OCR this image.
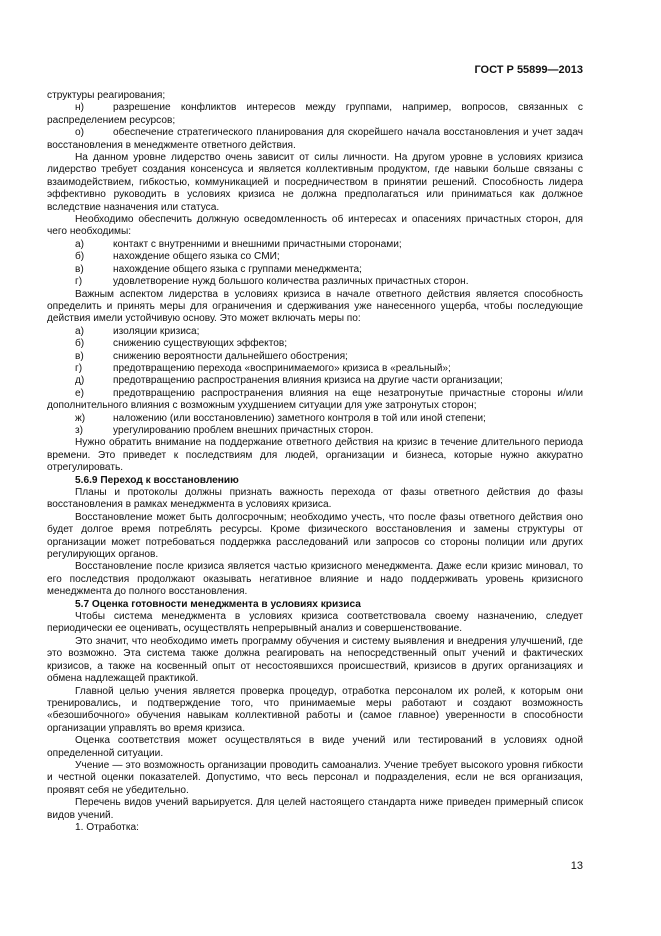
ГОСТ Р 55899—2013

структуры реагирования;

н)	разрешение конфликтов интересов между группами, например, вопросов, связанных с распределением ресурсов;

о)	обеспечение стратегического планирования для скорейшего начала восстановления и учет задач восстановления в менеджменте ответного действия.

На данном уровне лидерство очень зависит от силы личности. На другом уровне в условиях кризиса лидерство требует создания консенсуса и является коллективным продуктом, где навыки больше связаны с взаимодействием, гибкостью, коммуникацией и посредничеством в принятии решений. Способность лидера эффективно руководить в условиях кризиса не должна предполагаться или приниматься как должное вследствие назначения или статуса.

Необходимо обеспечить должную осведомленность об интересах и опасениях причастных сторон, для чего необходимы:

а)	контакт с внутренними и внешними причастными сторонами;

б)	нахождение общего языка со СМИ;

в)	нахождение общего языка с группами менеджмента;

г)	удовлетворение нужд большого количества различных причастных сторон.

Важным аспектом лидерства в условиях кризиса в начале ответного действия является способность определить и принять меры для ограничения и сдерживания уже нанесенного ущерба, чтобы последующие действия имели устойчивую основу. Это может включать меры по:

а)	изоляции кризиса;

б)	снижению существующих эффектов;

в)	снижению вероятности дальнейшего обострения;

г)	предотвращению перехода «воспринимаемого» кризиса в «реальный»;

д)	предотвращению распространения влияния кризиса на другие части организации;

е)	предотвращению распространения влияния на еще незатронутые причастные стороны и/или дополнительного влияния с возможным ухудшением ситуации для уже затронутых сторон;

ж)	наложению (или восстановлению) заметного контроля в той или иной степени;

з)	урегулированию проблем внешних причастных сторон.

Нужно обратить внимание на поддержание ответного действия на кризис в течение длительного периода времени. Это приведет к последствиям для людей, организации и бизнеса, которые нужно аккуратно отрегулировать.

5.6.9 Переход к восстановлению

Планы и протоколы должны признать важность перехода от фазы ответного действия до фазы восстановления в рамках менеджмента в условиях кризиса.

Восстановление может быть долгосрочным; необходимо учесть, что после фазы ответного действия оно будет долгое время потреблять ресурсы. Кроме физического восстановления и замены структуры от организации может потребоваться поддержка расследований или запросов со стороны полиции или других регулирующих органов.

Восстановление после кризиса является частью кризисного менеджмента. Даже если кризис миновал, то его последствия продолжают оказывать негативное влияние и надо поддерживать уровень кризисного менеджмента до полного восстановления.

5.7 Оценка готовности менеджмента в условиях кризиса

Чтобы система менеджмента в условиях кризиса соответствовала своему назначению, следует периодически ее оценивать, осуществлять непрерывный анализ и совершенствование.

Это значит, что необходимо иметь программу обучения и систему выявления и внедрения улучшений, где это возможно. Эта система также должна реагировать на непосредственный опыт учений и фактических кризисов, а также на косвенный опыт от несостоявшихся происшествий, кризисов в других организациях и обмена надлежащей практикой.

Главной целью учения является проверка процедур, отработка персоналом их ролей, к которым они тренировались, и подтверждение того, что принимаемые меры работают и создают возможность «безошибочного» обучения навыкам коллективной работы и (самое главное) уверенности в способности организации управлять во время кризиса.

Оценка соответствия может осуществляться в виде учений или тестирований в условиях одной определенной ситуации.

Учение — это возможность организации проводить самоанализ. Учение требует высокого уровня гибкости и честной оценки показателей. Допустимо, что весь персонал и подразделения, если не вся организация, проявят себя не убедительно.

Перечень видов учений варьируется. Для целей настоящего стандарта ниже приведен примерный список видов учений.

1. Отработка:

13
